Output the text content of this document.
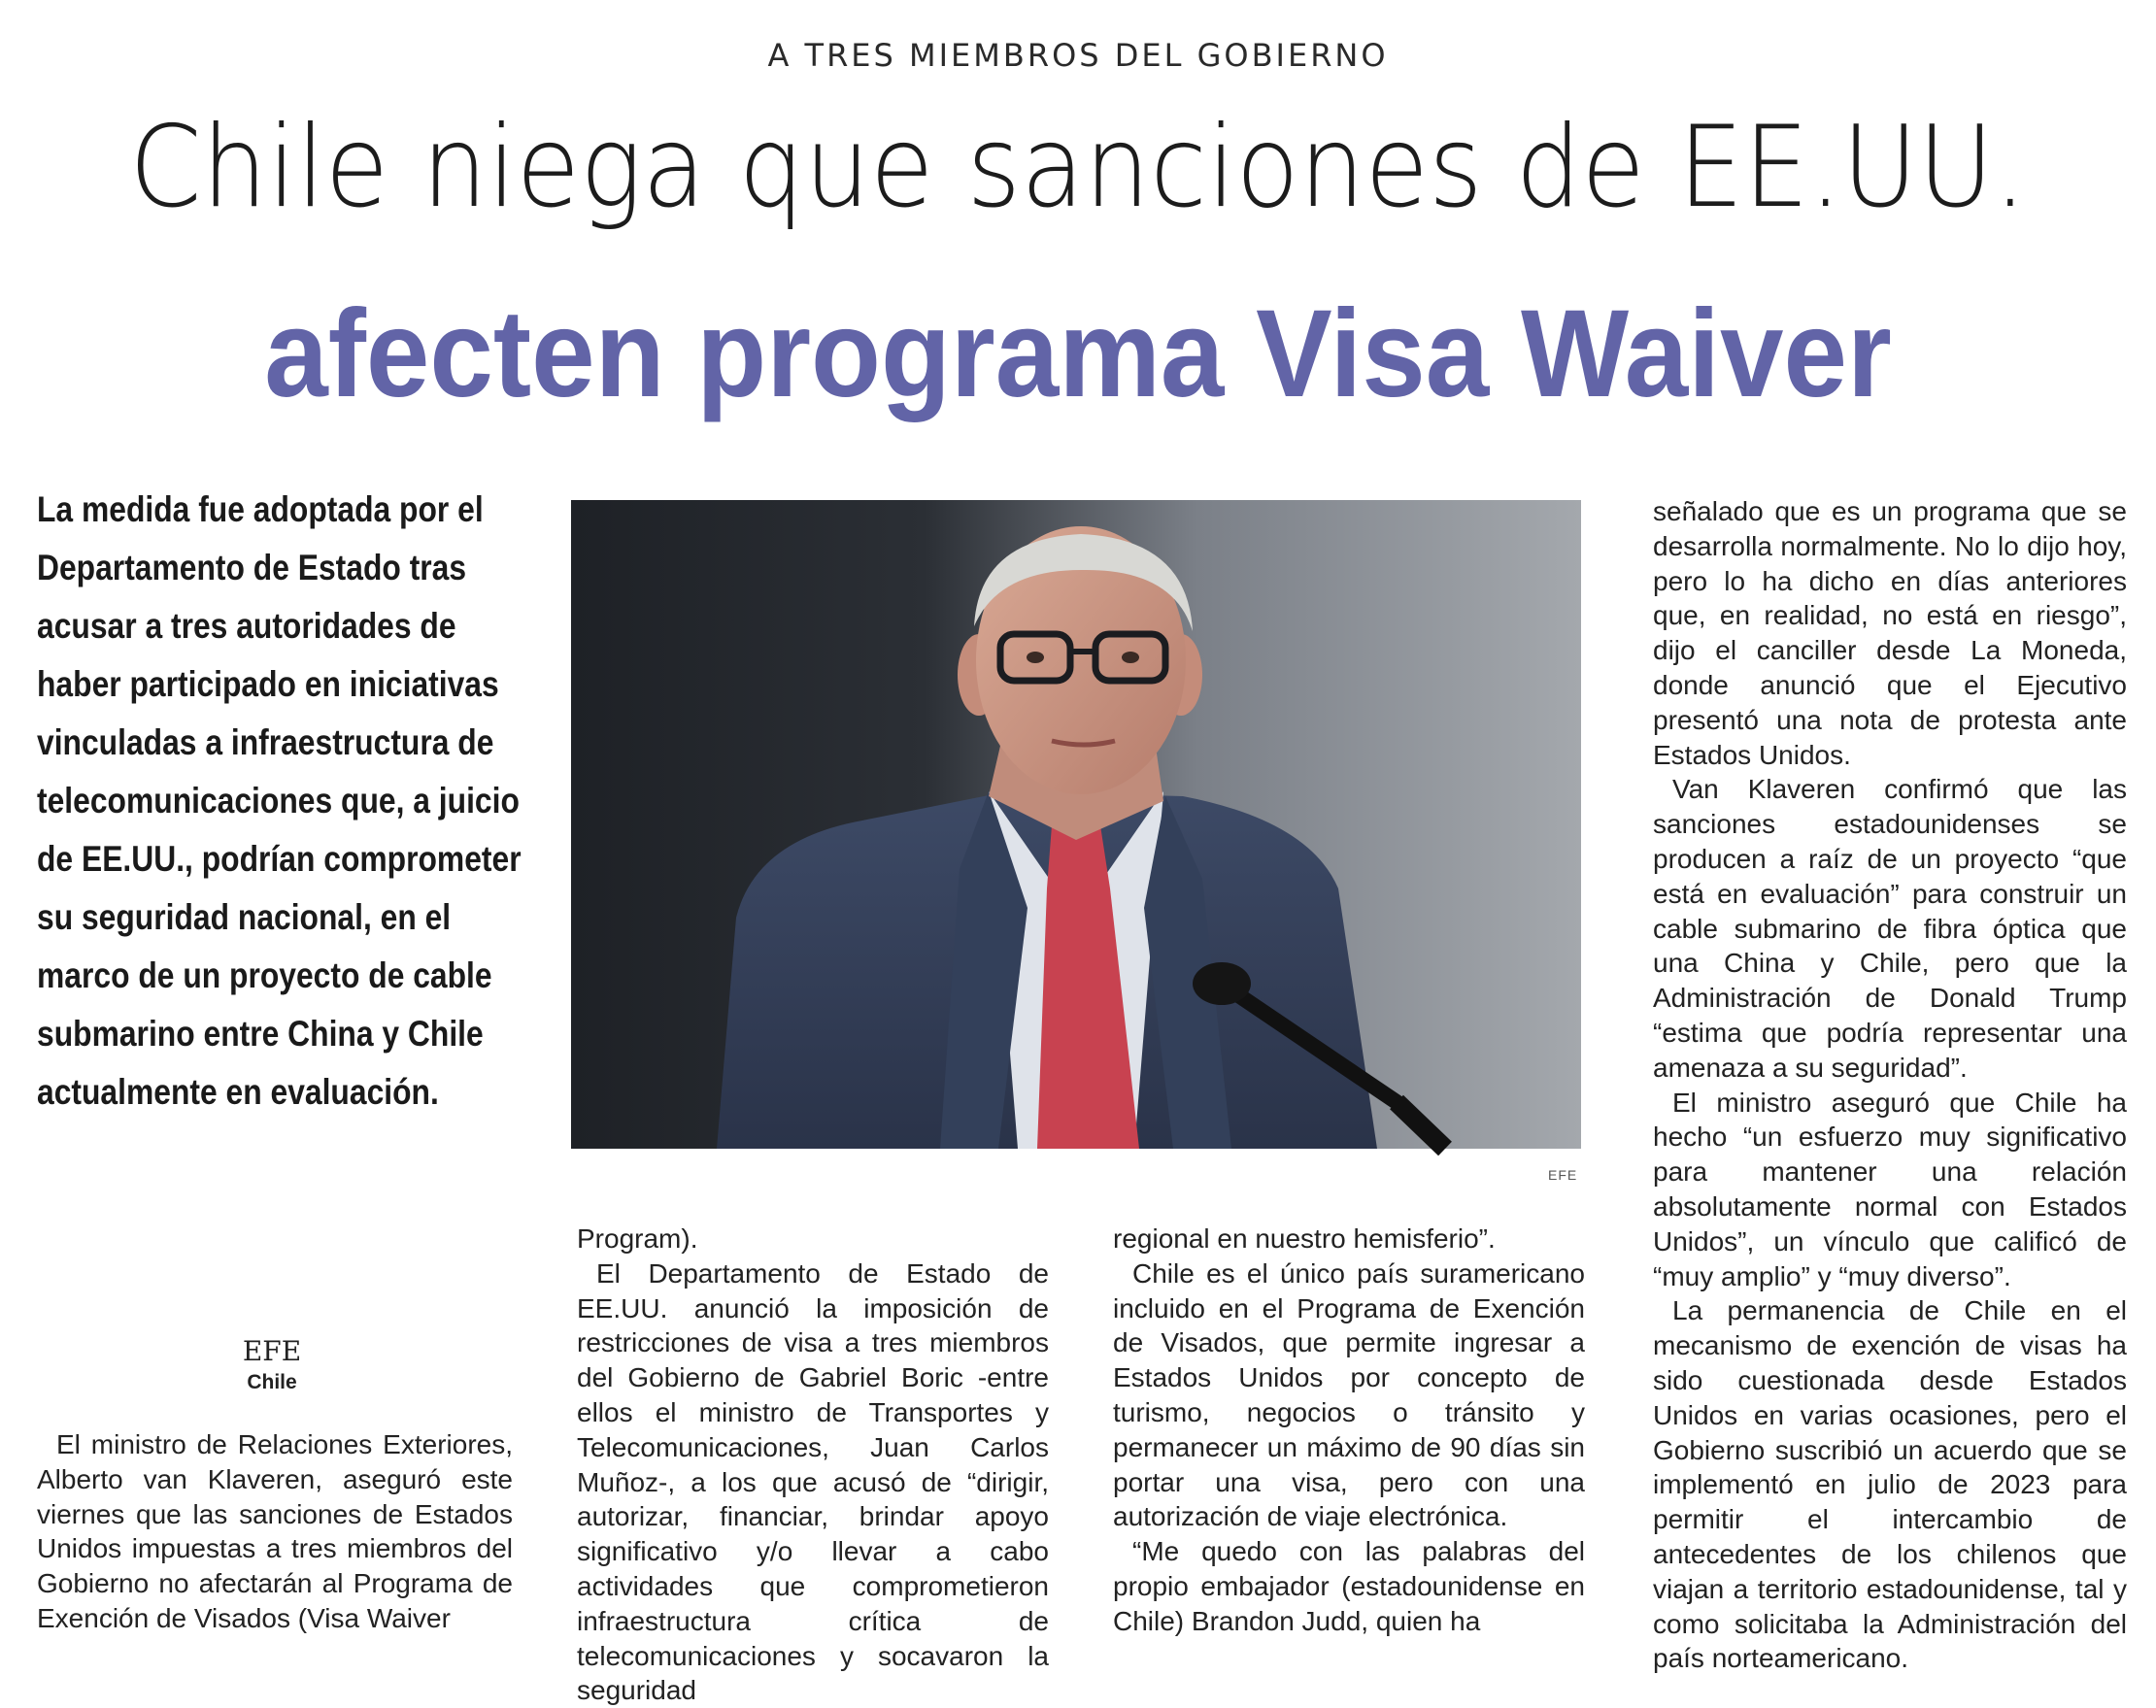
A TRES MIEMBROS DEL GOBIERNO
Chile niega que sanciones de EE.UU.
afecten programa Visa Waiver
La medida fue adoptada por el Departamento de Estado tras acusar a tres autoridades de haber participado en iniciativas vinculadas a infraestructura de telecomunicaciones que, a juicio de EE.UU., podrían comprometer su seguridad nacional, en el marco de un proyecto de cable submarino entre China y Chile actualmente en evaluación.
EFE
Chile
EFE

El ministro de Relaciones Exteriores, Alberto van Klaveren, aseguró este viernes que las sanciones de Estados Unidos impuestas a tres miembros del Gobierno no afectarán al Programa de Exención de Visados (Visa Waiver

Program).

El Departamento de Estado de EE.UU. anunció la imposición de restricciones de visa a tres miembros del Gobierno de Gabriel Boric -entre ellos el ministro de Transportes y Telecomunicaciones, Juan Carlos Muñoz-, a los que acusó de “dirigir, autorizar, financiar, brindar apoyo significativo y/o llevar a cabo actividades que comprometieron infraestructura crítica de telecomunicaciones y socavaron la seguridad

regional en nuestro hemisferio”.

Chile es el único país suramericano incluido en el Programa de Exención de Visados, que permite ingresar a Estados Unidos por concepto de turismo, negocios o tránsito y permanecer un máximo de 90 días sin portar una visa, pero con una autorización de viaje electrónica.

“Me quedo con las palabras del propio embajador (estadounidense en Chile) Brandon Judd, quien ha

señalado que es un programa que se desarrolla normalmente. No lo dijo hoy, pero lo ha dicho en días anteriores que, en realidad, no está en riesgo”, dijo el canciller desde La Moneda, donde anunció que el Ejecutivo presentó una nota de protesta ante Estados Unidos.

Van Klaveren confirmó que las sanciones estadounidenses se producen a raíz de un proyecto “que está en evaluación” para construir un cable submarino de fibra óptica que una China y Chile, pero que la Administración de Donald Trump “estima que podría representar una amenaza a su seguridad”.

El ministro aseguró que Chile ha hecho “un esfuerzo muy significativo para mantener una relación absolutamente normal con Estados Unidos”, un vínculo que calificó de “muy amplio” y “muy diverso”.

La permanencia de Chile en el mecanismo de exención de visas ha sido cuestionada desde Estados Unidos en varias ocasiones, pero el Gobierno suscribió un acuerdo que se implementó en julio de 2023 para permitir el intercambio de antecedentes de los chilenos que viajan a territorio estadounidense, tal y como solicitaba la Administración del país norteamericano.
